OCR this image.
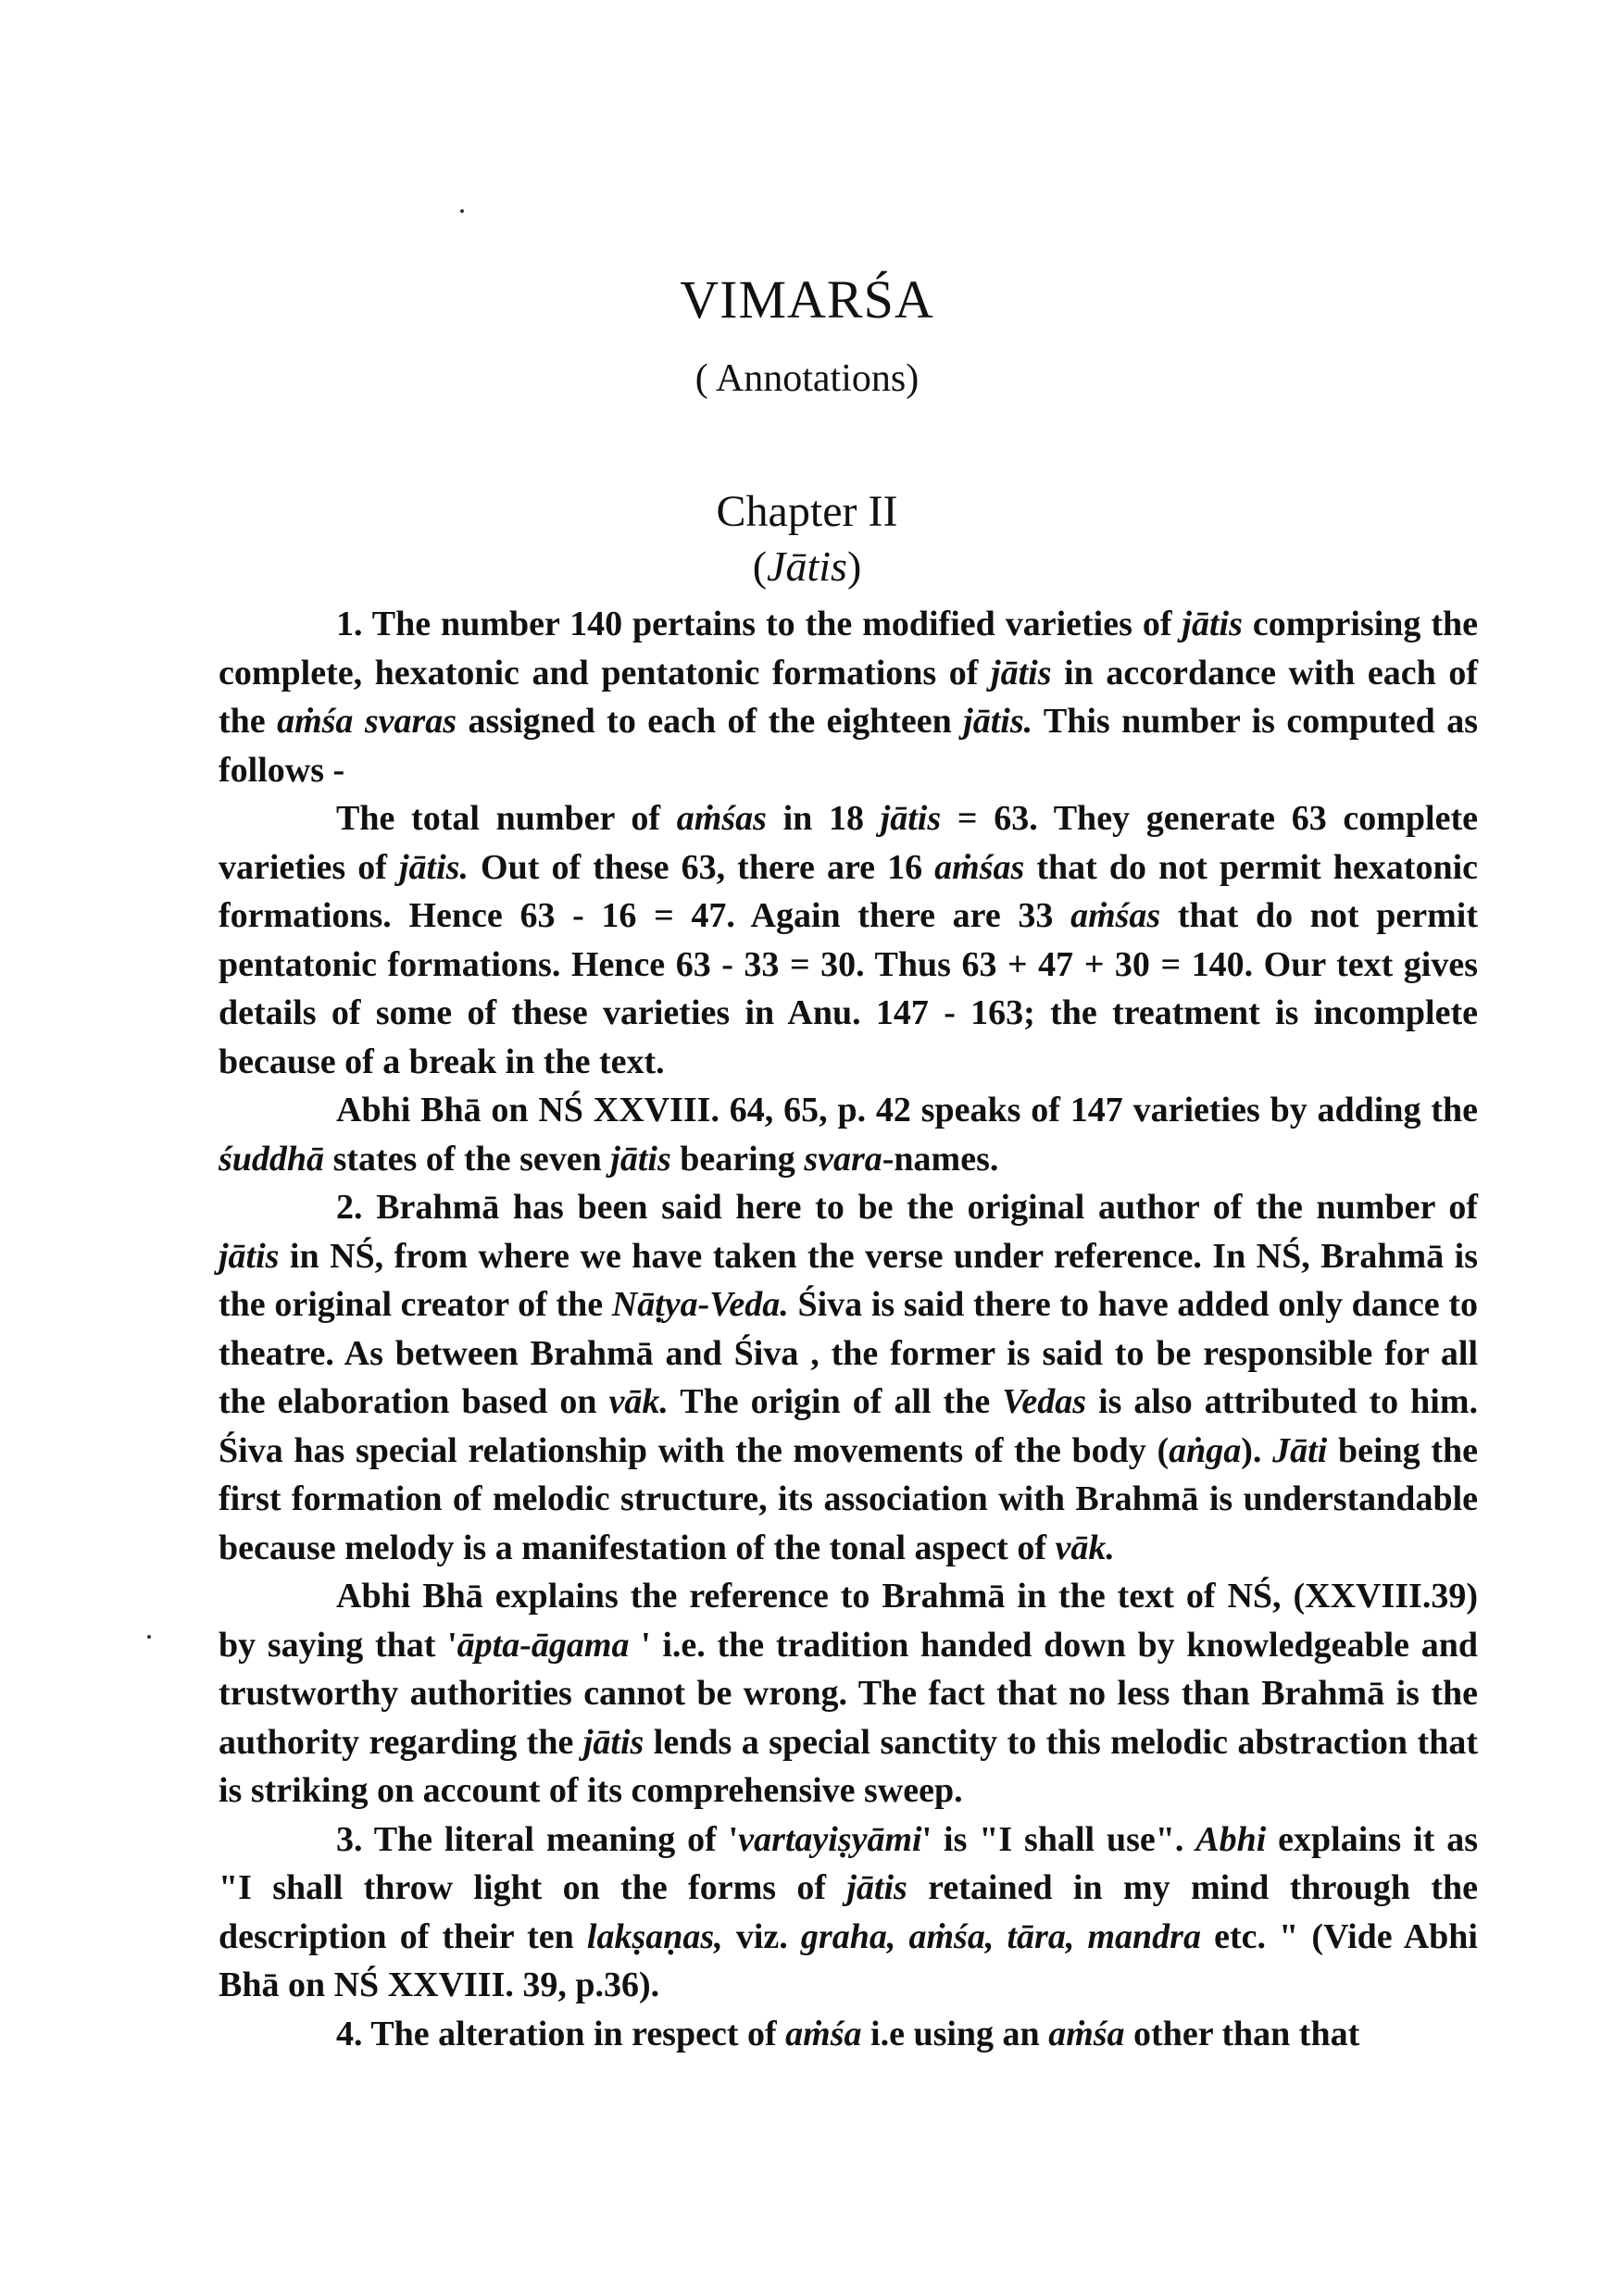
VIMARŚA
( Annotations)
Chapter II
(Jātis)

1. The number 140 pertains to the modified varieties of jātis comprising the complete, hexatonic and pentatonic formations of jātis in accordance with each of the aṁśa svaras assigned to each of the eighteen jātis. This number is computed as follows -

The total number of aṁśas in 18 jātis = 63. They generate 63 complete varieties of jātis. Out of these 63, there are 16 aṁśas that do not permit hexatonic formations. Hence 63 - 16 = 47. Again there are 33 aṁśas that do not permit pentatonic formations. Hence 63 - 33 = 30. Thus 63 + 47 + 30 = 140. Our text gives details of some of these varieties in Anu. 147 - 163; the treatment is incomplete because of a break in the text.

Abhi Bhā on NŚ XXVIII. 64, 65, p. 42 speaks of 147 varieties by adding the śuddhā states of the seven jātis bearing svara-names.

2. Brahmā has been said here to be the original author of the number of jātis in NŚ, from where we have taken the verse under reference. In NŚ, Brahmā is the original creator of the Nāṭya-Veda. Śiva is said there to have added only dance to theatre. As between Brahmā and Śiva , the former is said to be responsible for all the elaboration based on vāk. The origin of all the Vedas is also attributed to him. Śiva has special relationship with the movements of the body (aṅga). Jāti being the first formation of melodic structure, its association with Brahmā is understandable because melody is a manifestation of the tonal aspect of vāk.

Abhi Bhā explains the reference to Brahmā in the text of NŚ, (XXVIII.39) by saying that 'āpta-āgama ' i.e. the tradition handed down by knowledgeable and trustworthy authorities cannot be wrong. The fact that no less than Brahmā is the authority regarding the jātis lends a special sanctity to this melodic abstraction that is striking on account of its comprehensive sweep.

3. The literal meaning of 'vartayiṣyāmi' is "I shall use". Abhi explains it as "I shall throw light on the forms of jātis retained in my mind through the description of their ten lakṣaṇas, viz. graha, aṁśa, tāra, mandra etc. " (Vide Abhi Bhā on NŚ XXVIII. 39, p.36).

4. The alteration in respect of aṁśa i.e using an aṁśa other than that
